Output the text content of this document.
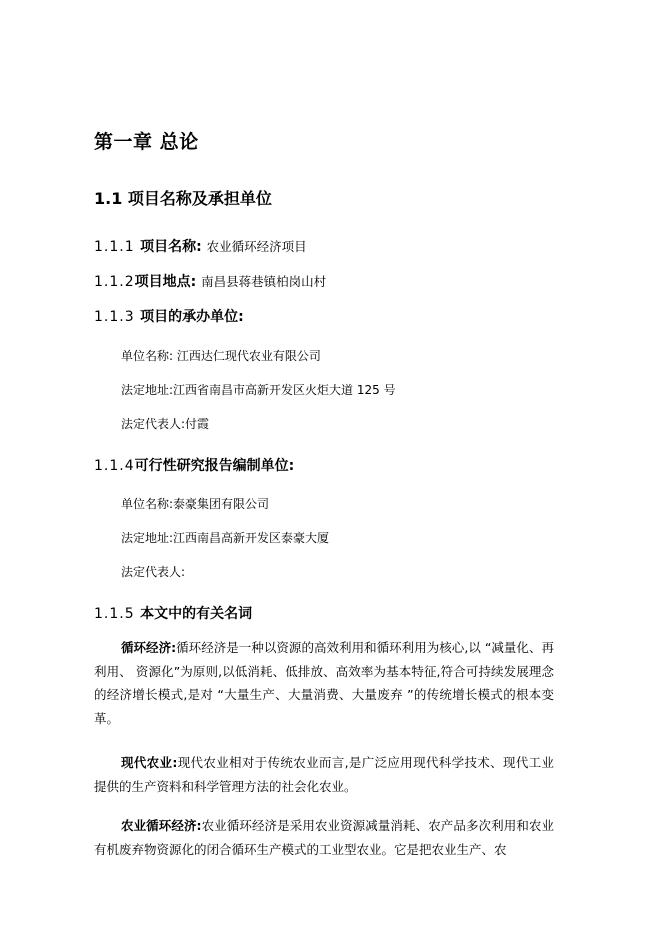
第一章 总论
1.1 项目名称及承担单位
1.1.1 项目名称: 农业循环经济项目
1.1.2项目地点: 南昌县蒋巷镇柏岗山村
1.1.3 项目的承办单位:
单位名称: 江西达仁现代农业有限公司
法定地址:江西省南昌市高新开发区火炬大道 125 号
法定代表人:付霞
1.1.4可行性研究报告编制单位:
单位名称:泰豪集团有限公司
法定地址:江西南昌高新开发区泰豪大厦
法定代表人:
1.1.5 本文中的有关名词
循环经济:循环经济是一种以资源的高效利用和循环利用为核心,以 “减量化、再利用、 资源化”为原则,以低消耗、低排放、高效率为基本特征,符合可持续发展理念的经济增长模式,是对 “大量生产、大量消费、大量废弃 ”的传统增长模式的根本变革。
现代农业:现代农业相对于传统农业而言,是广泛应用现代科学技术、现代工业提供的生产资料和科学管理方法的社会化农业。
农业循环经济:农业循环经济是采用农业资源减量消耗、农产品多次利用和农业有机废弃物资源化的闭合循环生产模式的工业型农业。它是把农业生产、农
